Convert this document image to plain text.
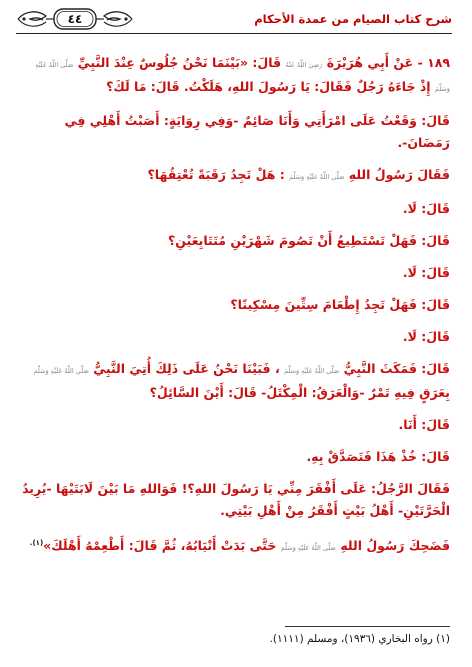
شرح كتاب الصيام من عمدة الأحكام
٤٤

١٨٩ - عَنْ أَبِي هُرَيْرَةَ رَضِيَ اللَّهُ عَنْهُ قَالَ: «بَيْنَمَا نَحْنُ جُلُوسٌ عِنْدَ النَّبِيِّ صَلَّى اللَّهُ عَلَيْهِ وَسَلَّمَ إِذْ جَاءَهُ رَجُلٌ فَقَالَ: يَا رَسُولَ اللهِ، هَلَكْتُ. قَالَ: مَا لَكَ؟

قَالَ: وَقَعْتُ عَلَى امْرَأَتِي وَأَنَا صَائِمٌ -وَفِي رِوَايَةٍ: أَصَبْتُ أَهْلِي فِي رَمَضَانَ-.

فَقَالَ رَسُولُ اللهِ صَلَّى اللَّهُ عَلَيْهِ وَسَلَّمَ : هَلْ تَجِدُ رَقَبَةً تُعْتِقُهَا؟

قَالَ: لَا.

قَالَ: فَهَلْ تَسْتَطِيعُ أَنْ تَصُومَ شَهْرَيْنِ مُتَتَابِعَيْنِ؟

قَالَ: لَا.

قَالَ: فَهَلْ تَجِدُ إِطْعَامَ سِتِّينَ مِسْكِينًا؟

قَالَ: لَا.

قَالَ: فَمَكَثَ النَّبِيُّ صَلَّى اللَّهُ عَلَيْهِ وَسَلَّمَ ، فَبَيْنَا نَحْنُ عَلَى ذَلِكَ أُتِيَ النَّبِيُّ صَلَّى اللَّهُ عَلَيْهِ وَسَلَّمَ بِعَرَقٍ فِيهِ تَمْرٌ -وَالْعَرَقُ: الْمِكْتَلُ- قَالَ: أَيْنَ السَّائِلُ؟

قَالَ: أَنَا.

قَالَ: خُذْ هَذَا فَتَصَدَّقْ بِهِ.

فَقَالَ الرَّجُلُ: عَلَى أَفْقَرَ مِنِّي يَا رَسُولَ اللهِ؟! فَوَاللهِ مَا بَيْنَ لَابَتَيْهَا -يُرِيدُ الْحَرَّتَيْنِ- أَهْلُ بَيْتٍ أَفْقَرُ مِنْ أَهْلِ بَيْتِي.

فَضَحِكَ رَسُولُ اللهِ صَلَّى اللَّهُ عَلَيْهِ وَسَلَّمَ حَتَّى بَدَتْ أَنْيَابُهُ، ثُمَّ قَالَ: أَطْعِمْهُ أَهْلَكَ»$^{(١).}$

(١) رواه البخاري (١٩٣٦)، ومسلم (١١١١).
